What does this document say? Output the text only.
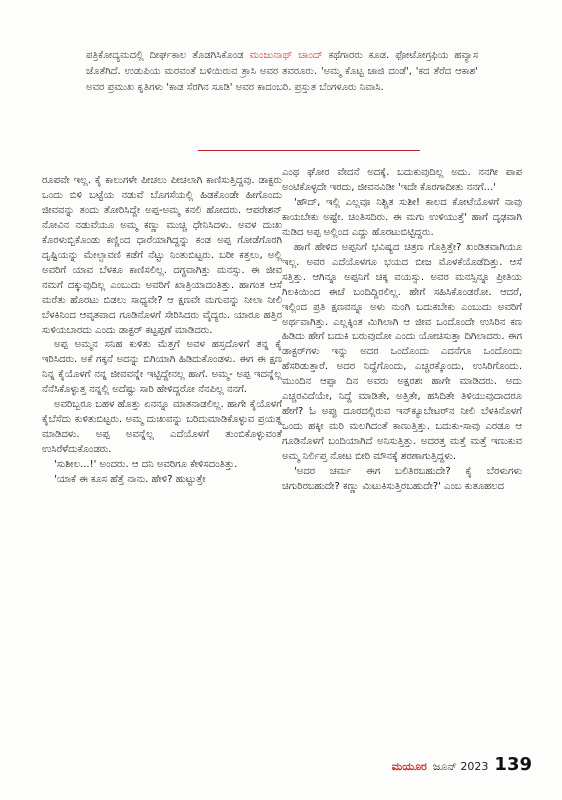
ಪತ್ರಿಕೋದ್ಯಮದಲ್ಲಿ ದೀರ್ಘಕಾಲ ತೊಡಗಿಸಿಕೊಂಡ ಮಂಜುನಾಥ್ ಚಾಂದ್ ಕಥೆಗಾರರು ಕೂಡ. ಫೋಟೋಗ್ರಫಿಯ ಹವ್ಯಾಸ ಜೊತೆಗಿದೆ. ಉಡುಪಿಯ ಮರವಂತೆ ಬಳಿಯಿರುವ ತ್ರಾಸಿ ಅವರ ತವರೂರು. 'ಅಮ್ಮ ಕೊಟ್ಟ ಜಾಜಿ ದಂಡೆ', 'ಕದ ತೆರೆದ ಆಕಾಶ' ಅವರ ಪ್ರಮುಖ ಕೃತಿಗಳು 'ಕಾಡ ಸೆರಗಿನ ಸೂಡಿ' ಅವರ ಕಾದಂಬರಿ. ಪ್ರಸ್ತುತ ಬೆಂಗಳೂರು ನಿವಾಸಿ.

ರೂಪವೇ ಇಲ್ಲ. ಕೈ ಕಾಲುಗಳೇ ಪೀಚಲು ಪೀಚಲಾಗಿ ಕಾಣಿಸುತ್ತಿದ್ದವು. ಡಾಕ್ಟರು ಒಂದು ಬಿಳಿ ಬಟ್ಟೆಯ ನಡುವೆ ಬೊಗಸೆಯಲ್ಲಿ ಹಿಡಕೊಂಡೇ ಹೀಗೊಂದು ಜೀವವನ್ನು ತಂದು ತೋರಿಸಿದ್ದೇ ಅಪ್ಪ-ಅಮ್ಮ ಕನಲಿ ಹೋದರು. ಆಪರೇಶನ್ ನೋವಿನ ನಡುವೆಯೂ ಅಮ್ಮ ಕಣ್ಣು ಮುಚ್ಚಿ ಧೇನಿಸಿದಳು. ಅವಳ ದುಃಖ ಕೊರಳುಬ್ಬಿಕೊಂಡು ಕಣ್ಣಿಂದ ಧಾರೆಯಾಗಿದ್ದನ್ನು ಕಂಡ ಅಪ್ಪ ಗೋಡೆಗೊರಗಿ ದೃಷ್ಟಿಯನ್ನು ಮೇಲ್ಛಾವಣಿ ಕಡೆಗೆ ನೆಟ್ಟು ನಿಂತುಬಿಟ್ಟರು. ಬರೀ ಕತ್ತಲು, ಅಲ್ಲಿ ಅವರಿಗೆ ಯಾವ ಬೆಳಕೂ ಕಾಣಿಸಲಿಲ್ಲ. ದಗ್ಧವಾಗಿತ್ತು ಮನಸ್ಸು. ಈ ಜೀವ ನಮಗೆ ದಕ್ಕುವುದಿಲ್ಲ ಎಂಬುದು ಅವರಿಗೆ ಖಾತ್ರಿಯಾದಂತಿತ್ತು. ಹಾಗಂತ ಆಸೆ ಮರೆತು ಹೊರಟು ಬಿಡಲು ಸಾಧ್ಯವೇ? ಆ ಕ್ಷಣವೇ ಮಗುವನ್ನು ನೀಲಾ ನೀಲಿ ಬೆಳಕಿನಿಂದ ಆವೃತವಾದ ಗೂಡಿನೊಳಗೆ ಸೇರಿಸಿದರು ವೈದ್ಯರು. ಯಾರೂ ಹತ್ತಿರ ಸುಳಿಯಬಾರದು ಎಂದು ಡಾಕ್ಟರ್ ಕಟ್ಟಪ್ಪಣೆ ಮಾಡಿದರು.

ಅಪ್ಪ ಅಮ್ಮನ ಸನಿಹ ಕುಳಿತು ಮೆತ್ತಗೆ ಅವಳ ಹಸ್ತದೊಳಗೆ ತನ್ನ ಕೈ ಇರಿಸಿದರು. ಅಕೆ ಗಕ್ಕನೆ ಅದನ್ನು ಬಿಗಿಯಾಗಿ ಹಿಡಿದುಕೊಂಡಳು. ಈಗ ಈ ಕ್ಷಣ ನಿನ್ನ ಕೈಯೊಳಗೆ ನನ್ನ ಜೀವವನ್ನೇ ಇಟ್ಟಿದ್ದೇನಲ್ಲ ಹಾಗೆ. ಅಮ್ಮ- ಅಪ್ಪ ಇದನ್ನೆಲ್ಲ ನೆನೆಸಿಕೊಳ್ಳುತ್ತ ನನ್ನಲ್ಲಿ ಅದೆಷ್ಟು ಸಾರಿ ಹೇಳಿದ್ದರೋ ನೆನಪಿಲ್ಲ ನನಗೆ.

ಅವರಿಬ್ಬರೂ ಬಹಳ ಹೊತ್ತು ಏನನ್ನೂ ಮಾತನಾಡಲಿಲ್ಲ. ಹಾಗೇ ಕೈಯೊಳಗೆ ಕೈಬೆಸೆದು ಕುಳಿತುಬಿಟ್ಟರು. ಅಮ್ಮ ದುಃಖವನ್ನು ಬರಿದುಮಾಡಿಕೊಳ್ಳುವ ಪ್ರಯತ್ನ ಮಾಡಿದಳು. ಅಪ್ಪ ಅವನ್ನೆಲ್ಲ ಎದೆಯೊಳಗೆ ತುಂಬಿಕೊಳ್ಳುವಂತೆ ಉಸಿರೆಳೆದುಕೊಂಡರು.

'ಸುಶೀಲ...!' ಅಂದರು. ಆ ದನಿ ಅವರಿಗೂ ಕೇಳಿಸದಂತಿತ್ತು.

'ಯಾಕೆ ಈ ಕೂಸ ಹೆತ್ತೆ ನಾನು. ಹೇಳಿ? ಹುಟ್ಟುತ್ತೇ

ಎಂಥ ಘೋರ ವೇದನೆ ಅದಕ್ಕೆ. ಬದುಕುವುದಿಲ್ಲ ಅದು. ನನಗೀ ಪಾಪ ಅಂಟಿಕೊಳ್ಳದೇ ಇರದು, ಜೀವನವಿಡೀ 'ಇದೇ ಕೊರಗಾದೀತು ನನಗೆ...'

'ಹೌದ್, ಇಲ್ಲಿ ಎಲ್ಲವೂ ನಿಶ್ಚಿತ ಸುಶೀ! ಕಾಲದ ಕೋಟೆಯೊಳಗೆ ನಾವು ಕಾಯಬೇಕು ಅಷ್ಟೇ. ಚಿಂತಿಸದಿರು. ಈ ಮಗು ಉಳಿಯುತ್ತೆ' ಹಾಗೆ ದೃಢವಾಗಿ ನುಡಿದ ಅಪ್ಪ ಅಲ್ಲಿಂದ ಎದ್ದು ಹೊರಟುಬಿಟ್ಟಿದ್ದರು.

ಹಾಗೆ ಹೇಳಿದ ಅಪ್ಪನಿಗೆ ಭವಿಷ್ಯದ ಚಿತ್ರಣ ಗೊತ್ತಿತ್ತೇ? ಖಂಡಿತವಾಗಿಯೂ ಇಲ್ಲ. ಅವರ ಎದೆಯೊಳಗೂ ಭಯದ ಬೀಜ ಮೊಳಕೆಯೊಡೆದಿತ್ತು. ಆಸೆ ಸತ್ತಿತ್ತು. ಆಗಿನ್ನೂ ಅಪ್ಪನಿಗೆ ಚಿಕ್ಕ ವಯಸ್ಸು. ಅವರ ಮನಸ್ಸಿನ್ನೂ ಪ್ರೀತಿಯ ಗಿಲಕಿಯಿಂದ ಈಚೆ ಬಂದಿದ್ದಿರಲಿಲ್ಲ. ಹೇಗೆ ಸಹಿಸಿಕೊಂಡರೋ. ಆದರೆ, ಇಲ್ಲಿಂದ ಪ್ರತಿ ಕ್ಷಣವನ್ನೂ ಅಳು ನುಂಗಿ ಬದುಕಬೇಕು ಎಂಬುದು ಅವರಿಗೆ ಅರ್ಥವಾಗಿತ್ತು. ಎಲ್ಲಕ್ಕಿಂತ ಮಿಗಿಲಾಗಿ ಆ ಜೀವ ಒಂದೊಂದೇ ಉಸಿರಿನ ಕಣ ಹಿಡಿದು ಹೇಗೆ ಬದುಕಿ ಬರುವುದೋ ಎಂದು ಯೋಚಿಸುತ್ತಾ ದಿಗಿಲಾದರು. ಈಗ ಡಾಕ್ಟರ್‌ಗಳು ಇನ್ನು ಅದರ ಒಂದೊಂದು ಎದನೆಗೂ ಒಂದೊಂದು ಹೆಸರಿಡುತ್ತಾರೆ. ಅದರ ನಿದ್ದೆಗೊಂದು, ಎಚ್ಚರಕ್ಕೊಂದು, ಉಸಿರಿಗೊಂದು. ಮುಂದಿನ ಆಪ್ಪಾ ದಿನ ಅವರು ಅಕ್ಷರಶಃ ಹಾಗೇ ಮಾಡಿದರು. ಅದು ಎಚ್ಚರವಿದೆಯೇ, ನಿದ್ದೆ ಮಾಡಿತೇ, ಅತ್ತಿತೇ, ಹಸಿದಿತೇ ತಿಳಿಯುವುದಾದರೂ ಹೇಗೆ? ಓ ಅಪ್ಪು ದೂರದಲ್ಲಿರುವ ಇನ್‌ಕ್ಯೂಬೇಟರ್‌ನ ನೀಲಿ ಬೆಳಕಿನೊಳಗೆ ಒಂದು ಹಕ್ಕೀ ಮರಿ ಮಲಗಿದಂತೆ ಕಾಣುತ್ತಿತ್ತು. ಬದುಕು-ಸಾವು ಎರಡೂ ಆ ಗೂಡಿನೊಳಗೆ ಬಂದಿಯಾಗಿದೆ ಅನಿಸುತ್ತಿತ್ತು. ಅದರತ್ತ ಮತ್ತೆ ಮತ್ತೆ ಇಣುಕುವ ಅಮ್ಮ ನಿರ್ಲಿಪ್ತ ನೋಟ ಬೀರಿ ಮೌನಕ್ಕೆ ಶರಣಾಗುತ್ತಿದ್ದಳು.

'ಅದರ ಚರ್ಮ ಈಗ ಬಲಿತಿರಬಹುದೇ? ಕೈ ಬೆರಳುಗಳು ಚಿಗುರಿರಬಹುದೇ? ಕಣ್ಣು ಮಿಟುಕಿಸುತ್ತಿರಬಹುದೇ?' ಎಂಬ ಕುತೂಹಲದ

ಮಯೂರ ಜೂನ್ 2023 139
